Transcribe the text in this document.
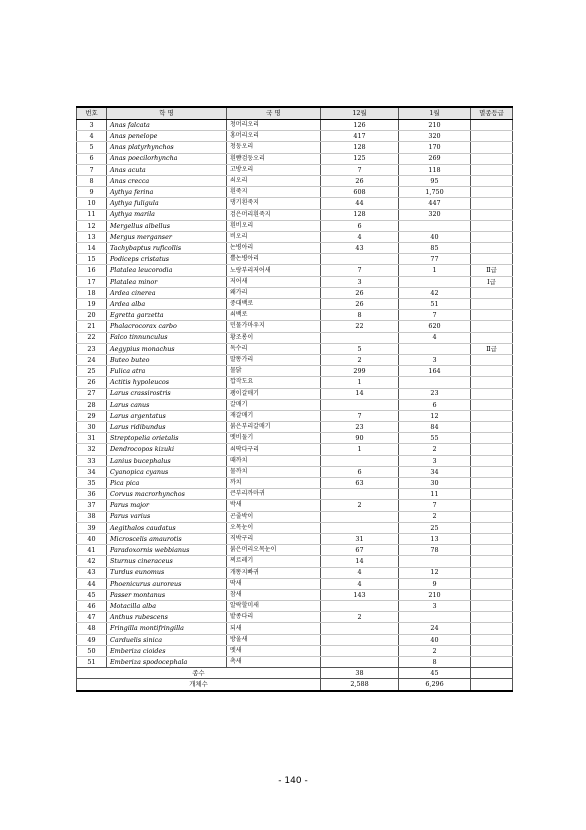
번호	학 명	국 명	12월	1월	멸종등급
3	Anas falcata	청머리오리	126	210	
4	Anas penelope	홍머리오리	417	320	
5	Anas platyrhynchos	청둥오리	128	170	
6	Anas poecilorhyncha	흰뺨검둥오리	125	269	
7	Anas acuta	고방오리	7	118	
8	Anas crecca	쇠오리	26	95	
9	Aythya ferina	흰죽지	608	1,750	
10	Aythya fuligula	댕기흰죽지	44	447	
11	Aythya marila	검은머리흰죽지	128	320	
12	Mergellus albellus	흰비오리	6		
13	Mergus merganser	비오리	4	40	
14	Tachybaptus ruficollis	논병아리	43	85	
15	Podiceps cristatus	뿔논병아리		77	
16	Platalea leucorodia	노랑부리저어새	7	1	Ⅱ급
17	Platalea minor	저어새	3		Ⅰ급
18	Ardea cinerea	왜가리	26	42	
19	Ardea alba	중대백로	26	51	
20	Egretta garzetta	쇠백로	8	7	
21	Phalacrocorax carbo	민물가마우지	22	620	
22	Falco tinnunculus	황조롱이		4	
23	Aegypius monachus	독수리	5		Ⅱ급
24	Buteo buteo	말똥가리	2	3	
25	Fulica atra	물닭	299	164	
26	Actitis hypoleucos	깝작도요	1		
27	Larus crassirostris	괭이갈매기	14	23	
28	Larus canus	갈매기		6	
29	Larus argentatus	재갈매기	7	12	
30	Larus ridibundus	붉은부리갈매기	23	84	
31	Streptopelia orietalis	멧비둘기	90	55	
32	Dendrocopos kizuki	쇠딱다구리	1	2	
33	Lanius bucephalus	때까치		3	
34	Cyanopica cyanus	물까치	6	34	
35	Pica pica	까치	63	30	
36	Corvus macrorhynchos	큰부리까마귀		11	
37	Parus major	박새	2	7	
38	Parus varius	곤줄박이		2	
39	Aegithalos caudatus	오목눈이		25	
40	Microscelis amaurotis	직박구리	31	13	
41	Paradoxornis webbianus	붉은머리오목눈이	67	78	
42	Sturnus cineraceus	찌르레기	14		
43	Turdus eunomus	개똥지빠귀	4	12	
44	Phoenicurus auroreus	딱새	4	9	
45	Passer montanus	참새	143	210	
46	Motacilla alba	알락할미새		3	
47	Anthus rubescens	밭종다리	2		
48	Fringilla montifringilla	되새		24	
49	Carduelis sinica	방울새		40	
50	Emberiza cioides	멧새		2	
51	Emberiza spodocephala	촉새		8	
종수			38	45	
개체수			2,588	6,296	
- 140 -
